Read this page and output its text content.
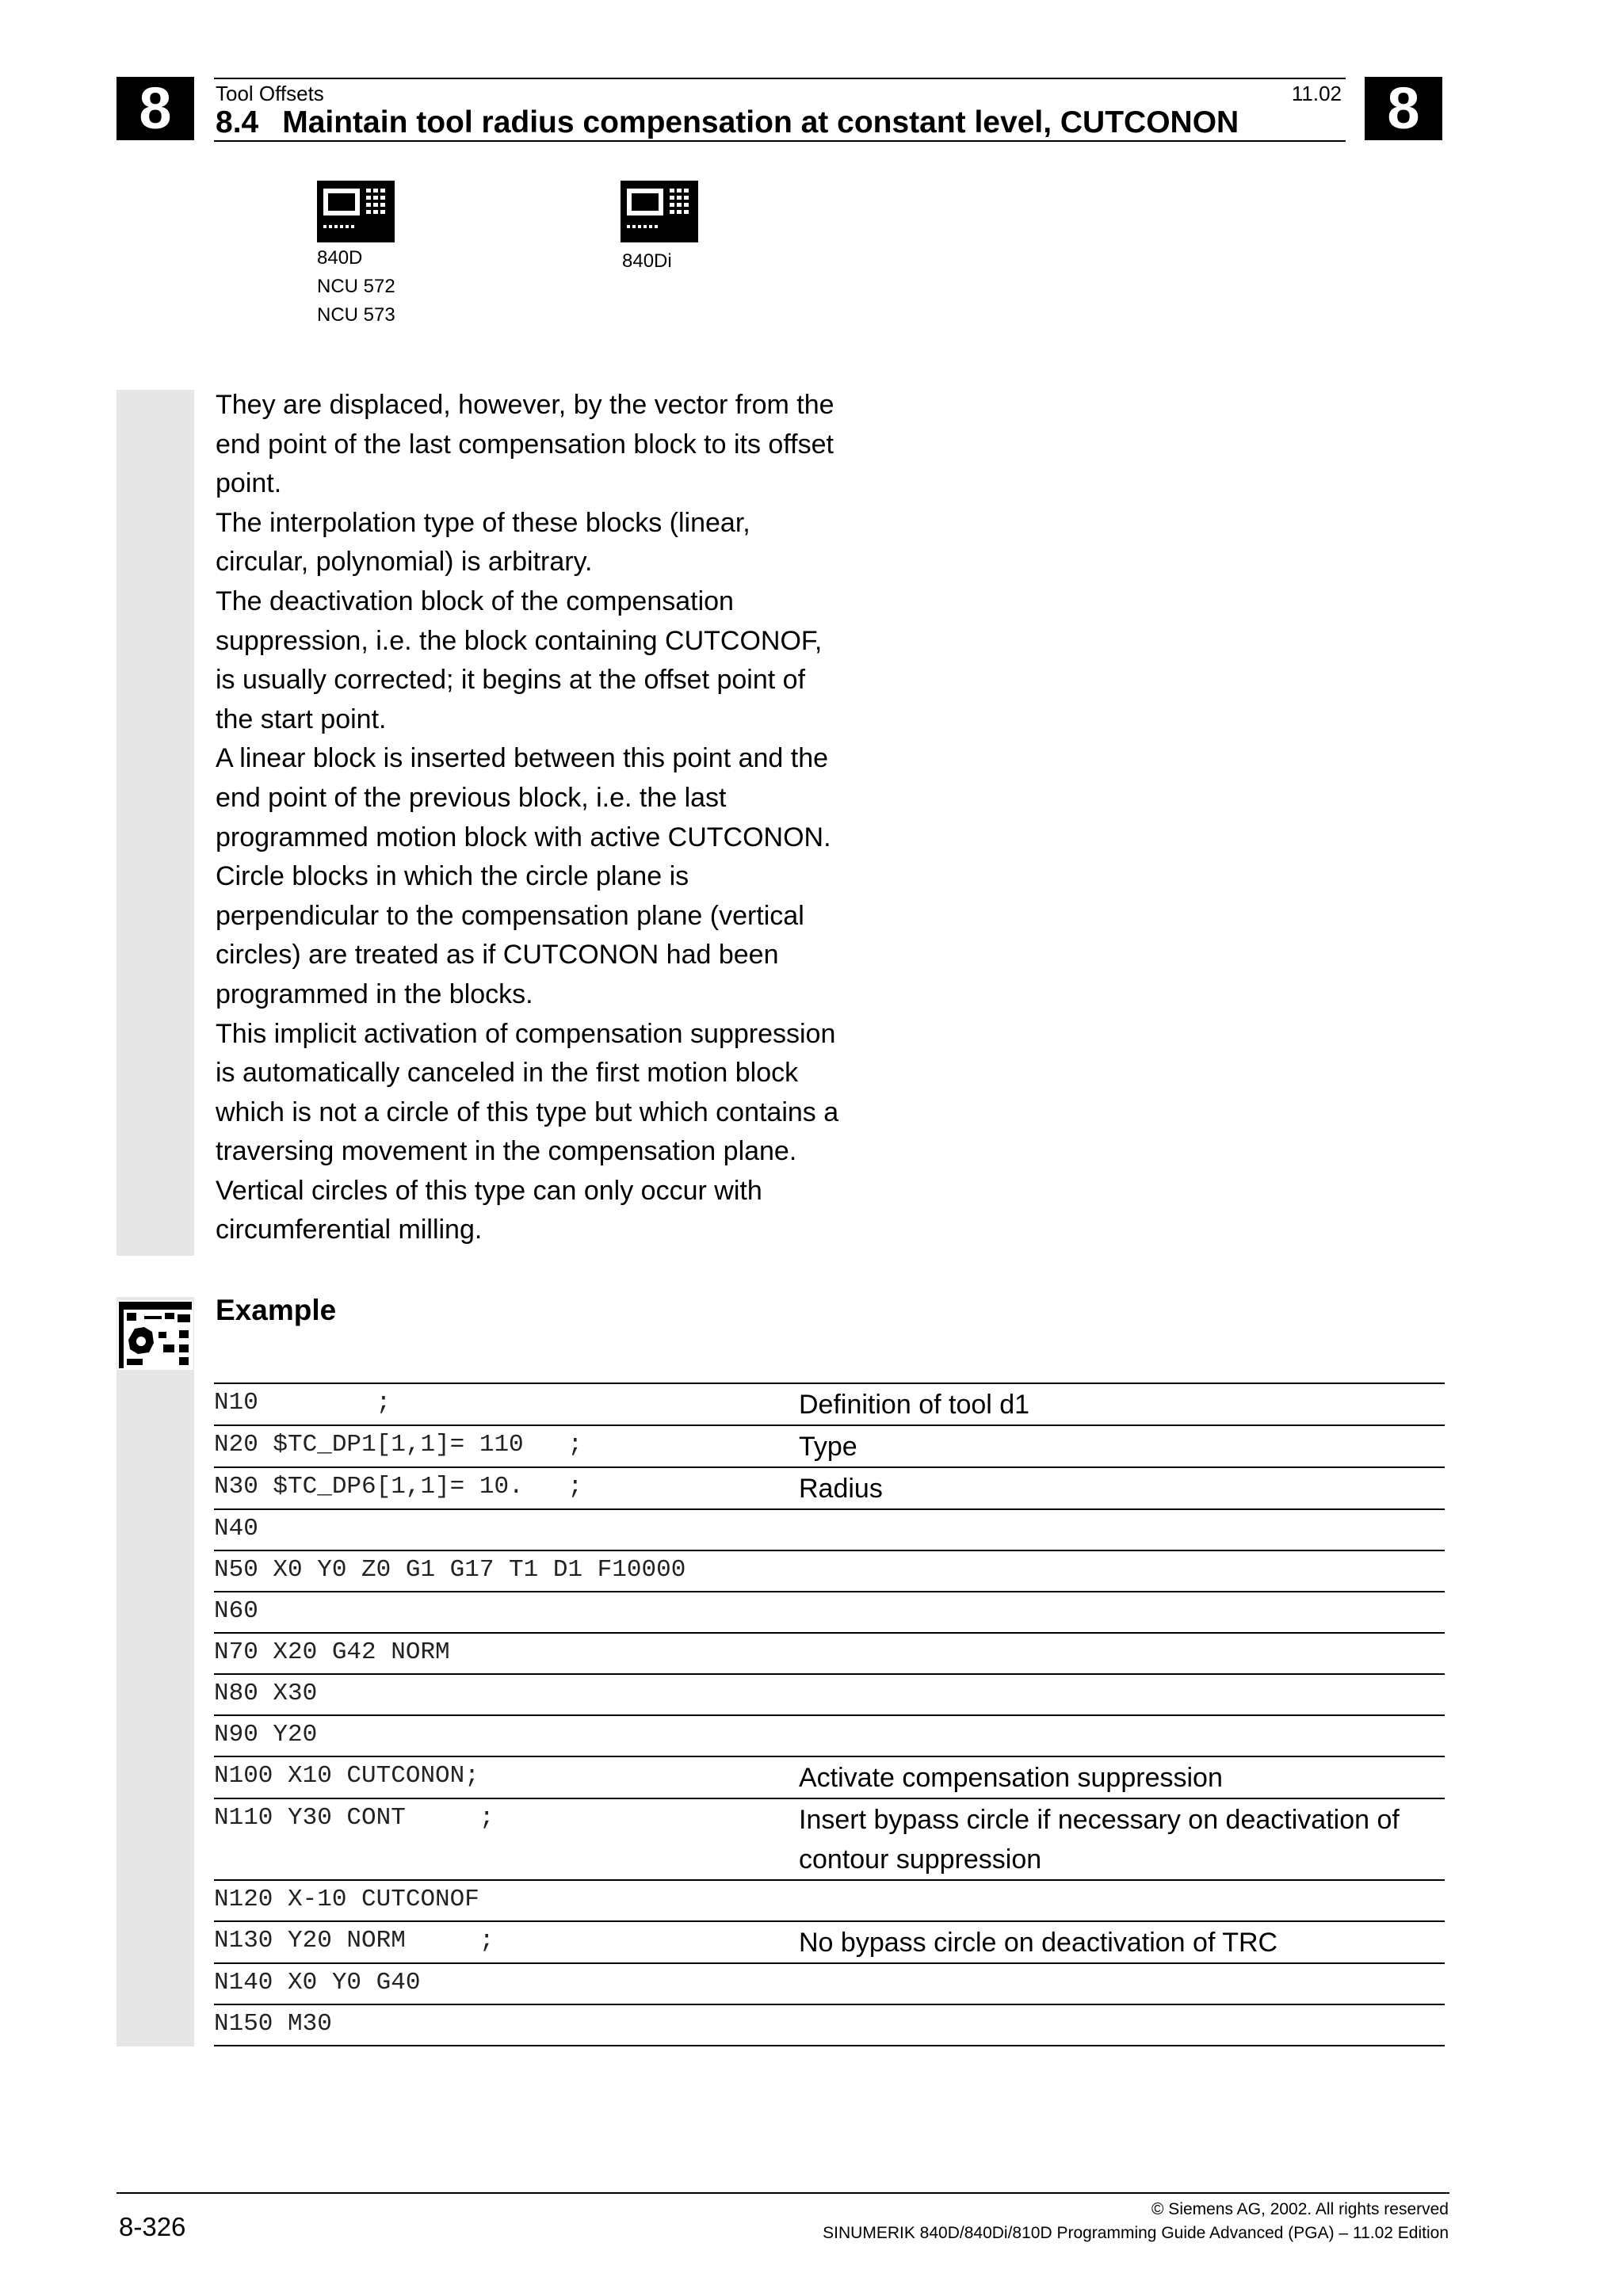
8	8
Tool Offsets	11.02
8.4 Maintain tool radius compensation at constant level, CUTCONON
840D
NCU 572
NCU 573
840Di

They are displaced, however, by the vector from the

end point of the last compensation block to its offset

point.

The interpolation type of these blocks (linear,

circular, polynomial) is arbitrary.

The deactivation block of the compensation

suppression, i.e. the block containing CUTCONOF,

is usually corrected; it begins at the offset point of

the start point.

A linear block is inserted between this point and the

end point of the previous block, i.e. the last

programmed motion block with active CUTCONON.

Circle blocks in which the circle plane is

perpendicular to the compensation plane (vertical

circles) are treated as if CUTCONON had been

programmed in the blocks.

This implicit activation of compensation suppression

is automatically canceled in the first motion block

which is not a circle of this type but which contains a

traversing movement in the compensation plane.

Vertical circles of this type can only occur with

circumferential milling.

Example
N10        ;	Definition of tool d1
N20 $TC_DP1[1,1]= 110   ;	Type
N30 $TC_DP6[1,1]= 10.   ;	Radius
N40
N50 X0 Y0 Z0 G1 G17 T1 D1 F10000
N60
N70 X20 G42 NORM
N80 X30
N90 Y20
N100 X10 CUTCONON;	Activate compensation suppression
N110 Y30 CONT     ;	Insert bypass circle if necessary on deactivation of contour suppression
N120 X-10 CUTCONOF
N130 Y20 NORM     ;	No bypass circle on deactivation of TRC
N140 X0 Y0 G40
N150 M30
8-326
© Siemens AG, 2002. All rights reserved
SINUMERIK 840D/840Di/810D Programming Guide Advanced (PGA) – 11.02 Edition
